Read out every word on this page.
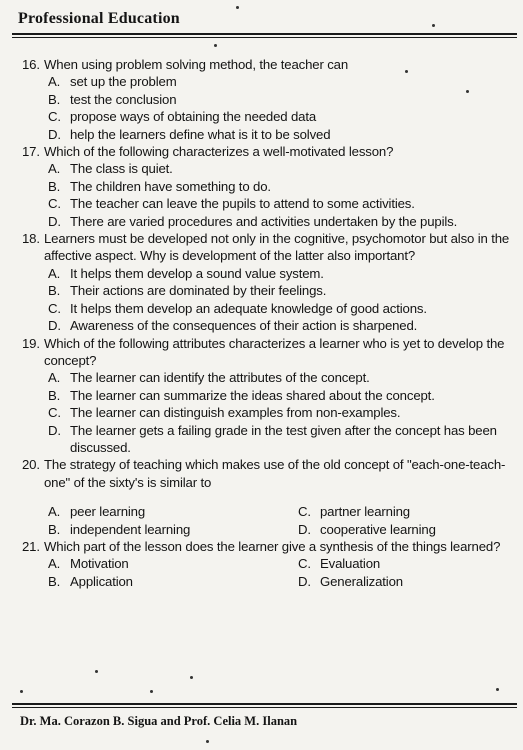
Professional Education
16. When using problem solving method, the teacher can
A. set up the problem
B. test the conclusion
C. propose ways of obtaining the needed data
D. help the learners define what is it to be solved
17. Which of the following characterizes a well-motivated lesson?
A. The class is quiet.
B. The children have something to do.
C. The teacher can leave the pupils to attend to some activities.
D. There are varied procedures and activities undertaken by the pupils.
18. Learners must be developed not only in the cognitive, psychomotor but also in the affective aspect. Why is development of the latter also important?
A. It helps them develop a sound value system.
B. Their actions are dominated by their feelings.
C. It helps them develop an adequate knowledge of good actions.
D. Awareness of the consequences of their action is sharpened.
19. Which of the following attributes characterizes a learner who is yet to develop the concept?
A. The learner can identify the attributes of the concept.
B. The learner can summarize the ideas shared about the concept.
C. The learner can distinguish examples from non-examples.
D. The learner gets a failing grade in the test given after the concept has been discussed.
20. The strategy of teaching which makes use of the old concept of "each-one-teach-one" of the sixty's is similar to
A. peer learning
B. independent learning
C. partner learning
D. cooperative learning
21. Which part of the lesson does the learner give a synthesis of the things learned?
A. Motivation
B. Application
C. Evaluation
D. Generalization
Dr. Ma. Corazon B. Sigua and Prof. Celia M. Ilanan
